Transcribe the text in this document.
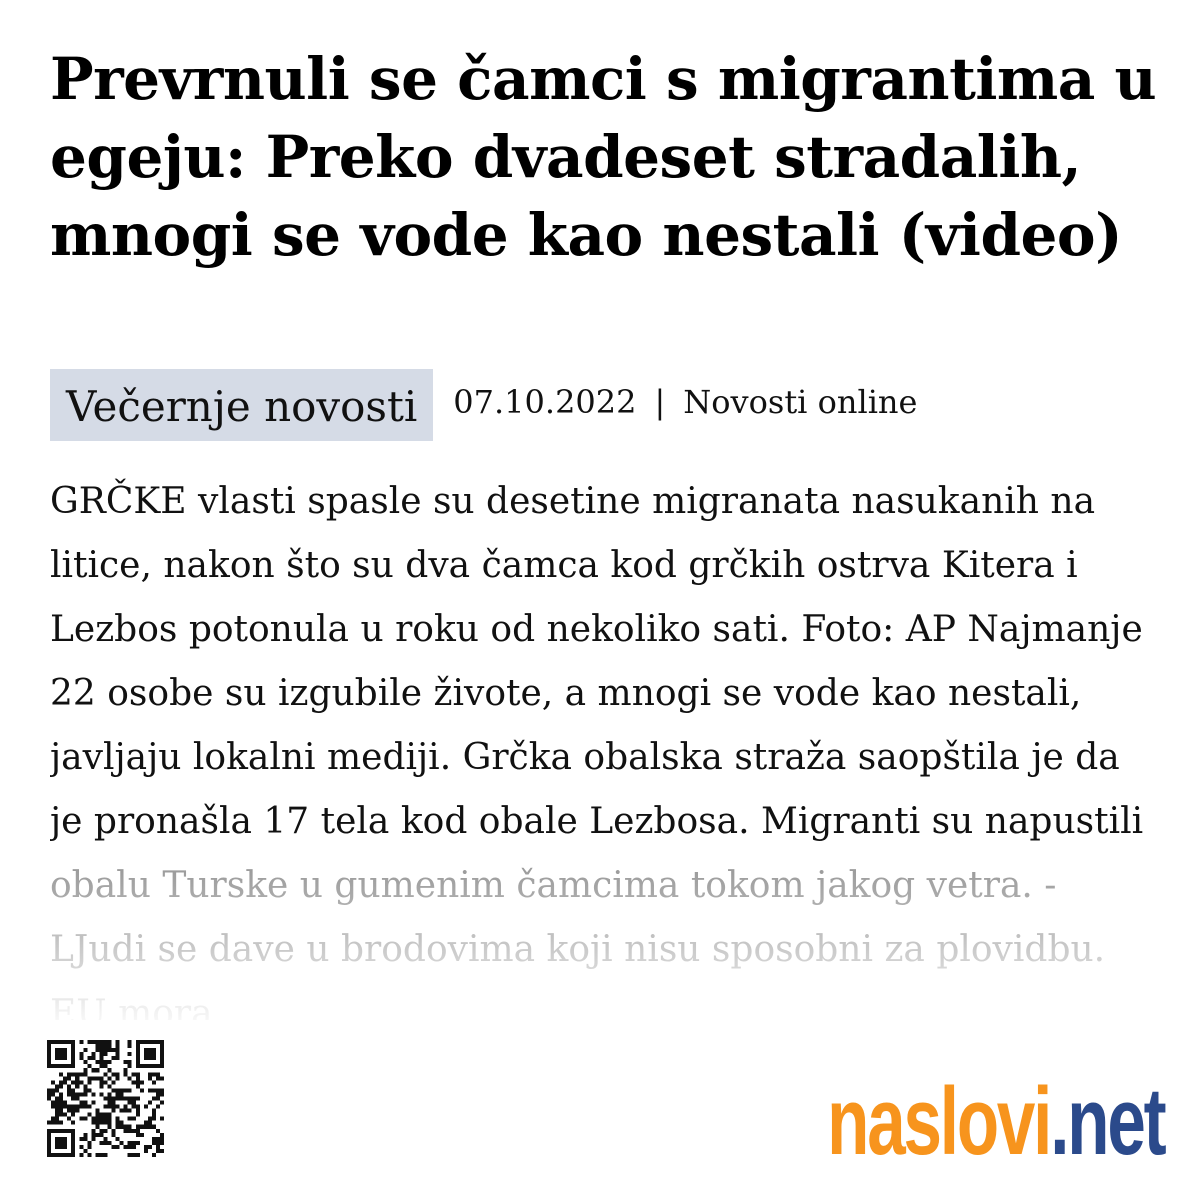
Prevrnuli se čamci s migrantima u egeju: Preko dvadeset stradalih, mnogi se vode kao nestali (video)
Večernje novosti	07.10.2022 | Novosti online

GRČKE vlasti spasle su desetine migranata nasukanih na litice, nakon što su dva čamca kod grčkih ostrva Kitera i Lezbos potonula u roku od nekoliko sati. Foto: AP Najmanje 22 osobe su izgubile živote, a mnogi se vode kao nestali, javljaju lokalni mediji. Grčka obalska straža saopštila je da je pronašla 17 tela kod obale Lezbosa. Migranti su napustili

naslovi .net
